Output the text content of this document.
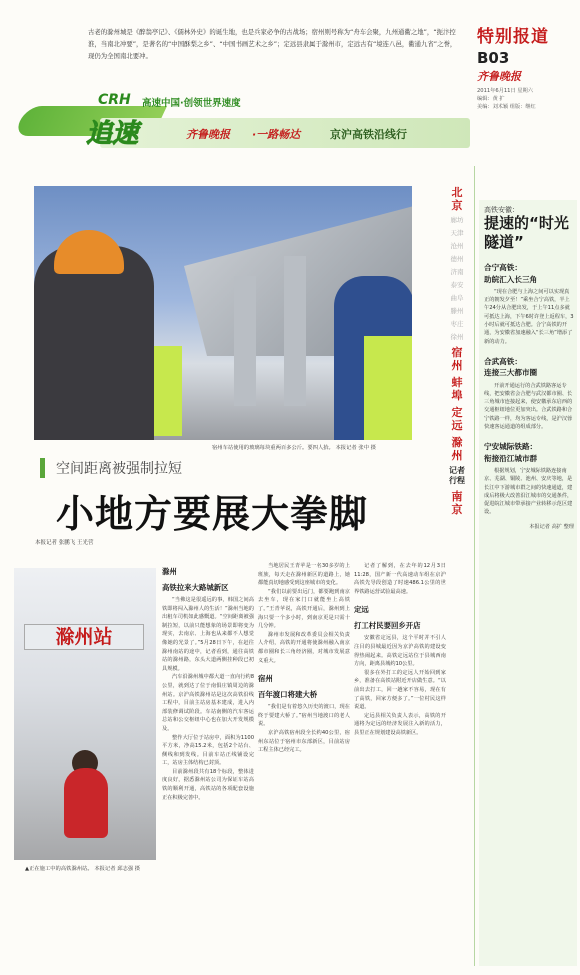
古老的滁州城是《醉翁亭记》、《儒林外史》的诞生地，也是兵家必争的古战场；宿州则号称为“舟车会聚，九州通衢之地”，“扼汴控淮，当南北冲要”，是著名的“中国酥梨之乡”、“中国书画艺术之乡”；定远县隶属于滁州市，定远古有“境连八邑，衢通九省”之誉，现仍为全国南北要冲。
特别报道
B03
齐鲁晚报
2011年6月11日 星期六
编辑：黄 扩
美编：刘术颖 组版：继红
CRH 高速中国·创领世界速度
追速	齐鲁晚报 ·一路畅达	京沪高铁沿线行
宿州车站使用的玻璃每块重两百多公斤。要四人抬。 本报记者 张中 摄
空间距离被强制拉短
小地方要展大拳脚
本报记者 张鹏飞 王光营
滁州站
▲正在施工中的高铁滁州站。 本报记者 邱志强 摄
滁州
高铁拉来大路城新区

“当佛这是很遥远的事，韩国之间高铁即将闯入滁州人的生活！”滁州当地的出租车司机如此感慨道。“空间距离被强制拉短，以前只能想象的场景即将变为现实，去南京、上海也从来都不人想觉像她的光景了。”5月28日下午，在赶往滁州南站的途中，记者看到，通往高铁站的滁州路，东头大道两侧挂种段已初具规模。

汽车沿滁州城中都大道一直向行约8公里，就到达了位于南俱庄镇周边的滁州站。京沪高铁滁州站是这次高铁沿线工程中，目前主站房基本建成，进入内部装修调试阶段。车站南侧的汽车客运总站和公交枢纽中心也在加大开发规模及。

整作大厅位于站房中，面积为1100平方米，净高15.2米，包括2个站台、侧线和到发线。目前车站正线铺设完工，站房主体结构已封顶。

目前滁州段共有18个标段，整体进度良好，据悉滁州站公司为保证车站高铁的顺利开通，高铁站的各项配套设施正在积极完善中。

当地居民王青苹是一名30多岁的上班族，每天走在滁州新区的道路上，她都能真切地感受到这座城市的变化。

“我们以前要出远门，都要跑到南京去坐车，现在家门口就能坐上高铁了。”王青苹说，高铁开通后，滁州到上海只要一个多小时，到南京更是只需十几分钟。

滁州市发展和改革委员会相关负责人介绍，高铁的开通将使滁州融入南京都市圈和长三角经济圈，对城市发展意义重大。

宿州
百年渡口将建大桥

“我们是有着悠久历史的渡口，现在终于要建大桥了。”宿州当地渡口的老人说。

京沪高铁宿州段全长约40公里，宿州东站位于宿州市东部新区，目前站房工程主体已经完工。

记者了解到，在去年的12月3日11:28，国产新一代高速动车组在京沪高铁先导段创造了时速486.1公里的世界铁路运营试验最高速。

定远
打工村民要回乡开店

安徽省定远县，这个平时并不引人注目的县城最近因为京沪高铁的建设变得热闹起来。高铁定远站位于县城西南方向，距离县城约10公里。

很多在外打工的定远人开始回到家乡，准备在高铁站附近开店做生意。“以前出去打工，回一趟家不容易，现在有了高铁，回家方便多了。”一位村民这样说道。

定远县相关负责人表示，高铁的开通将为定远的经济发展注入新的活力，县里正在规划建设高铁新区。

北京
廊坊
天津
沧州
德州
济南
泰安
曲阜
滕州
枣庄
徐州
宿州
蚌埠
定远
滁州
记者行程
南京
高铁安徽：
提速的“时光隧道”
合宁高铁：
助皖汇入长三角

“现在合肥与上海之间可以实现真正的朝发夕至！”乘坐合宁高铁，半上午24分从合肥出发，于上午11点多就可抵达上海，下午6时许登上返程车，3小时后就可抵达合肥。合宁高铁的开通，为安徽省加速融入“长三角”增添了新的动力。

合武高铁：
连接三大都市圈

开前开通运行的合武铁路客运专线，把安徽省会合肥与武汉都市圈、长三角城市连接起来，使安徽承东启西的交通枢纽地位更加突出。合武铁路和合宁铁路一样，均为客运专线，是沪汉蓉快速客运通道的组成部分。

宁安城际铁路：
衔接沿江城市群

根据规划，宁安城际铁路连接南京、芜湖、铜陵、池州、安庆等地，是长江中下游城市群之间的快速通道，建成后将极大改善沿江城市的交通条件，促进皖江城市带承接产业转移示范区建设。

本报记者 高扩 整理
